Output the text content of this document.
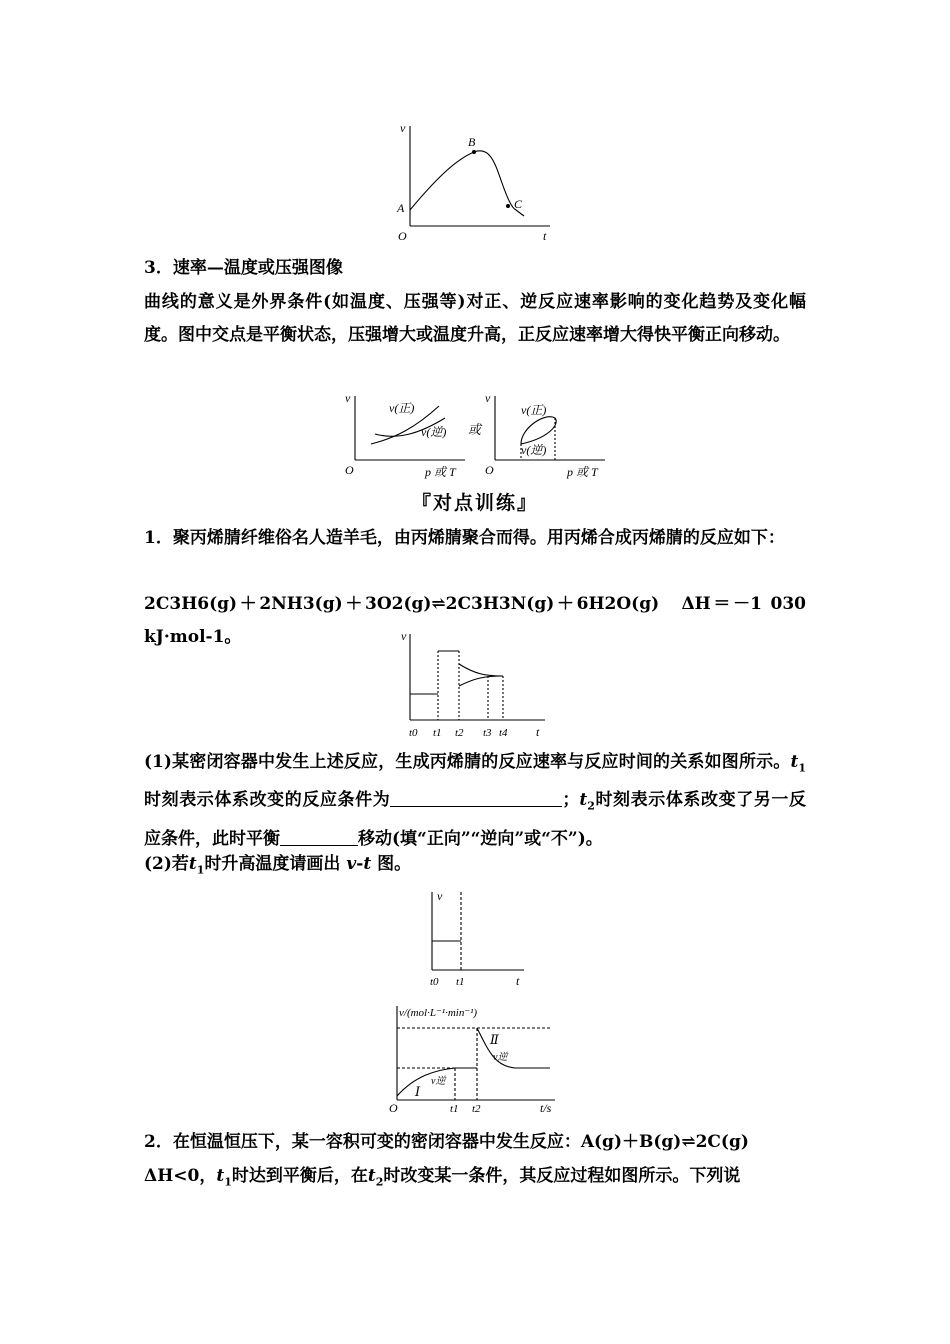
v
t
O
A
B
C
3．速率—温度或压强图像
曲线的意义是外界条件(如温度、压强等)对正、逆反应速率影响的变化趋势及变化幅度。图中交点是平衡状态，压强增大或温度升高，正反应速率增大得快平衡正向移动。
v
O	p 或 T
v(正)
v(逆) 或
v
O	p 或 T
v(正)
v(逆)
『对点训练』
1．聚丙烯腈纤维俗名人造羊毛，由丙烯腈聚合而得。用丙烯合成丙烯腈的反应如下：
2C3H6(g)＋2NH3(g)＋3O2(g)⇌2C3H3N(g)＋6H2O(g)　ΔH＝－1 030 kJ·mol-1。	v
t
t0 t1 t2 t3 t4
(1)某密闭容器中发生上述反应，生成丙烯腈的反应速率与反应时间的关系如图所示。$t_1$时刻表示体系改变的反应条件为	；$t_2$时刻表示体系改变了另一反应条件，此时平衡	移动(填“正向”“逆向”或“不”)。
(2)若$t_1$时升高温度请画出 v-t 图。
v
t
t0 t1
v/(mol·L⁻¹·min⁻¹)
O	t/s
t1 t2
Ⅰ
Ⅱ
v逆
v逆
2．在恒温恒压下，某一容积可变的密闭容器中发生反应：A(g)＋B(g)⇌2C(g)
ΔH<0，$t_1$时达到平衡后，在$t_2$时改变某一条件，其反应过程如图所示。下列说
